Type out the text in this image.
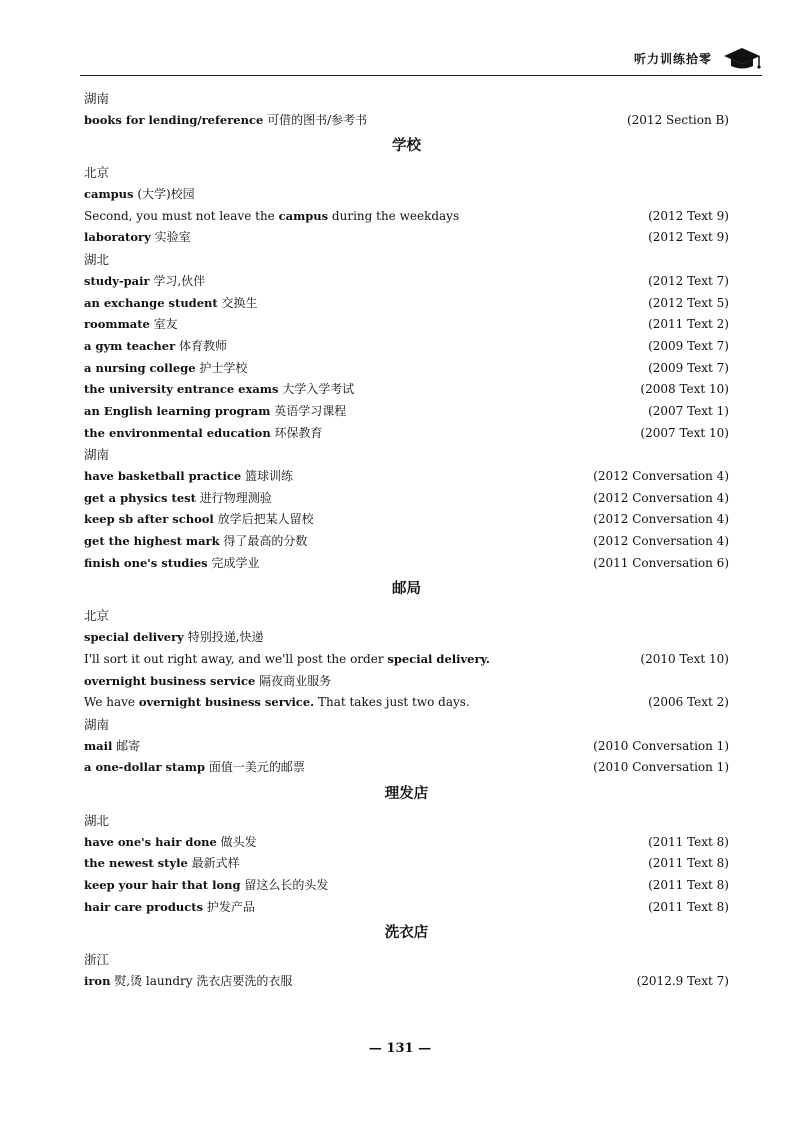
听力训练拾零
湖南
books for lending/reference 可借的图书/参考书	(2012 Section B)
学校
北京
campus (大学)校园
Second, you must not leave the campus during the weekdays	(2012 Text 9)
laboratory 实验室	(2012 Text 9)
湖北
study-pair 学习,伙伴	(2012 Text 7)
an exchange student 交换生	(2012 Text 5)
roommate 室友	(2011 Text 2)
a gym teacher 体育教师	(2009 Text 7)
a nursing college 护士学校	(2009 Text 7)
the university entrance exams 大学入学考试	(2008 Text 10)
an English learning program 英语学习课程	(2007 Text 1)
the environmental education 环保教育	(2007 Text 10)
湖南
have basketball practice 篮球训练	(2012 Conversation 4)
get a physics test 进行物理测验	(2012 Conversation 4)
keep sb after school 放学后把某人留校	(2012 Conversation 4)
get the highest mark 得了最高的分数	(2012 Conversation 4)
finish one's studies 完成学业	(2011 Conversation 6)
邮局
北京
special delivery 特别投递,快递
I'll sort it out right away, and we'll post the order special delivery.	(2010 Text 10)
overnight business service 隔夜商业服务
We have overnight business service. That takes just two days.	(2006 Text 2)
湖南
mail 邮寄	(2010 Conversation 1)
a one-dollar stamp 面值一美元的邮票	(2010 Conversation 1)
理发店
湖北
have one's hair done 做头发	(2011 Text 8)
the newest style 最新式样	(2011 Text 8)
keep your hair that long 留这么长的头发	(2011 Text 8)
hair care products 护发产品	(2011 Text 8)
洗衣店
浙江
iron 熨,烫 laundry 洗衣店要洗的衣服	(2012.9 Text 7)
— 131 —
